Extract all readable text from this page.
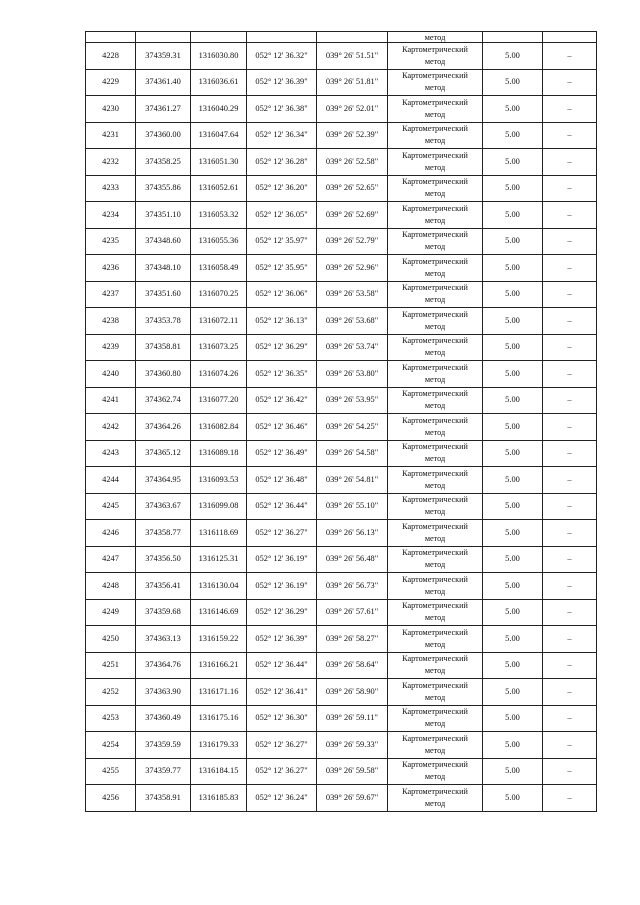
					метод		
4228	374359.31	1316030.80	052° 12' 36.32"	039° 26' 51.51"	Картометрический
метод	5.00	–
4229	374361.40	1316036.61	052° 12' 36.39"	039° 26' 51.81"	Картометрический
метод	5.00	–
4230	374361.27	1316040.29	052° 12' 36.38"	039° 26' 52.01"	Картометрический
метод	5.00	–
4231	374360.00	1316047.64	052° 12' 36.34"	039° 26' 52.39"	Картометрический
метод	5.00	–
4232	374358.25	1316051.30	052° 12' 36.28"	039° 26' 52.58"	Картометрический
метод	5.00	–
4233	374355.86	1316052.61	052° 12' 36.20"	039° 26' 52.65"	Картометрический
метод	5.00	–
4234	374351.10	1316053.32	052° 12' 36.05"	039° 26' 52.69"	Картометрический
метод	5.00	–
4235	374348.60	1316055.36	052° 12' 35.97"	039° 26' 52.79"	Картометрический
метод	5.00	–
4236	374348.10	1316058.49	052° 12' 35.95"	039° 26' 52.96"	Картометрический
метод	5.00	–
4237	374351.60	1316070.25	052° 12' 36.06"	039° 26' 53.58"	Картометрический
метод	5.00	–
4238	374353.78	1316072.11	052° 12' 36.13"	039° 26' 53.68"	Картометрический
метод	5.00	–
4239	374358.81	1316073.25	052° 12' 36.29"	039° 26' 53.74"	Картометрический
метод	5.00	–
4240	374360.80	1316074.26	052° 12' 36.35"	039° 26' 53.80"	Картометрический
метод	5.00	–
4241	374362.74	1316077.20	052° 12' 36.42"	039° 26' 53.95"	Картометрический
метод	5.00	–
4242	374364.26	1316082.84	052° 12' 36.46"	039° 26' 54.25"	Картометрический
метод	5.00	–
4243	374365.12	1316089.18	052° 12' 36.49"	039° 26' 54.58"	Картометрический
метод	5.00	–
4244	374364.95	1316093.53	052° 12' 36.48"	039° 26' 54.81"	Картометрический
метод	5.00	–
4245	374363.67	1316099.08	052° 12' 36.44"	039° 26' 55.10"	Картометрический
метод	5.00	–
4246	374358.77	1316118.69	052° 12' 36.27"	039° 26' 56.13"	Картометрический
метод	5.00	–
4247	374356.50	1316125.31	052° 12' 36.19"	039° 26' 56.48"	Картометрический
метод	5.00	–
4248	374356.41	1316130.04	052° 12' 36.19"	039° 26' 56.73"	Картометрический
метод	5.00	–
4249	374359.68	1316146.69	052° 12' 36.29"	039° 26' 57.61"	Картометрический
метод	5.00	–
4250	374363.13	1316159.22	052° 12' 36.39"	039° 26' 58.27"	Картометрический
метод	5.00	–
4251	374364.76	1316166.21	052° 12' 36.44"	039° 26' 58.64"	Картометрический
метод	5.00	–
4252	374363.90	1316171.16	052° 12' 36.41"	039° 26' 58.90"	Картометрический
метод	5.00	–
4253	374360.49	1316175.16	052° 12' 36.30"	039° 26' 59.11"	Картометрический
метод	5.00	–
4254	374359.59	1316179.33	052° 12' 36.27"	039° 26' 59.33"	Картометрический
метод	5.00	–
4255	374359.77	1316184.15	052° 12' 36.27"	039° 26' 59.58"	Картометрический
метод	5.00	–
4256	374358.91	1316185.83	052° 12' 36.24"	039° 26' 59.67"	Картометрический
метод	5.00	–
